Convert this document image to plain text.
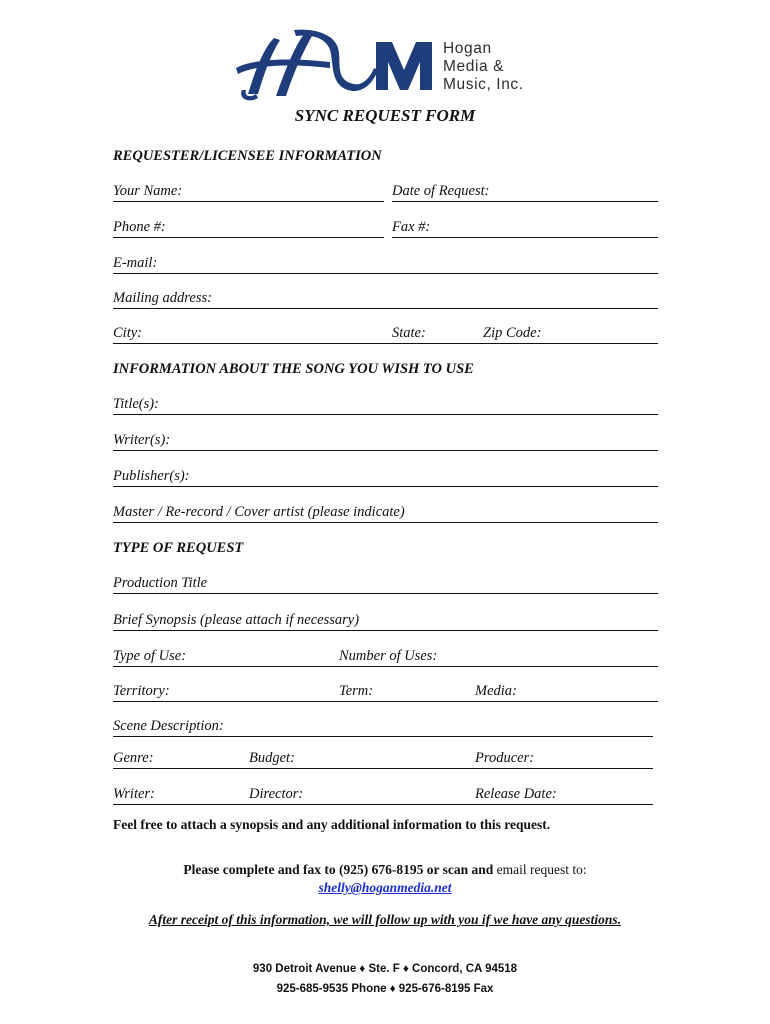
Hogan
Media &
Music, Inc.
SYNC REQUEST FORM
REQUESTER/LICENSEE INFORMATION
Your Name:	Date of Request:
Phone #:	Fax #:
E-mail:
Mailing address:
City:	State:	Zip Code:
INFORMATION ABOUT THE SONG YOU WISH TO USE
Title(s):
Writer(s):
Publisher(s):
Master / Re-record / Cover artist (please indicate)
TYPE OF REQUEST
Production Title
Brief Synopsis (please attach if necessary)
Type of Use:	Number of Uses:
Territory:	Term:	Media:
Scene Description:
Genre:	Budget:	Producer:
Writer:	Director:	Release Date:
Feel free to attach a synopsis and any additional information to this request.
Please complete and fax to (925) 676-8195 or scan and email request to:
shelly@hoganmedia.net
After receipt of this information, we will follow up with you if we have any questions.
930 Detroit Avenue ♦ Ste. F ♦ Concord, CA 94518
925-685-9535 Phone ♦ 925-676-8195 Fax
